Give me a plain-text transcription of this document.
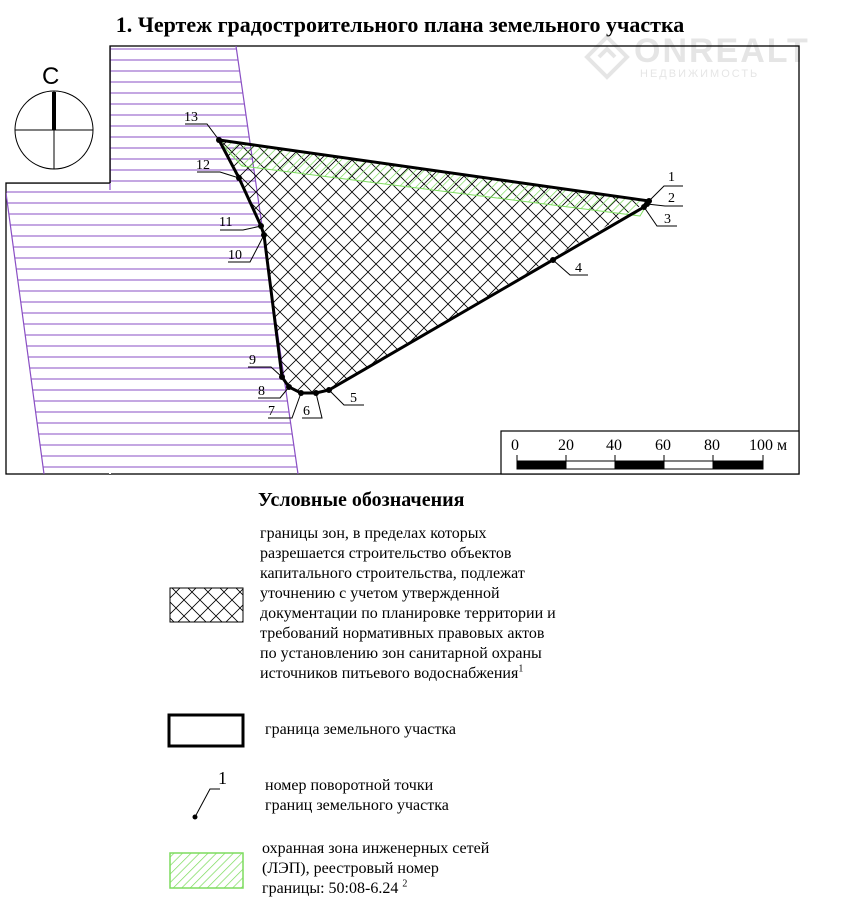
1. Чертеж градостроительного плана земельного участка
ONREALT
НЕДВИЖИМОСТЬ
С
1
2
3
4
5
6
7
8
9
10
11
12
13
0 20 40 60 80 100 м
1
Условные обозначения
границы зон, в пределах которых
разрешается строительство объектов
капитального строительства, подлежат
уточнению с учетом утвержденной
документации по планировке территории и
требований нормативных правовых актов
по установлению зон санитарной охраны
источников питьевого водоснабжения$^1$
граница земельного участка
номер поворотной точки
границ земельного участка
охранная зона инженерных сетей
(ЛЭП), реестровый номер
границы: 50:08-6.24 $^2$
